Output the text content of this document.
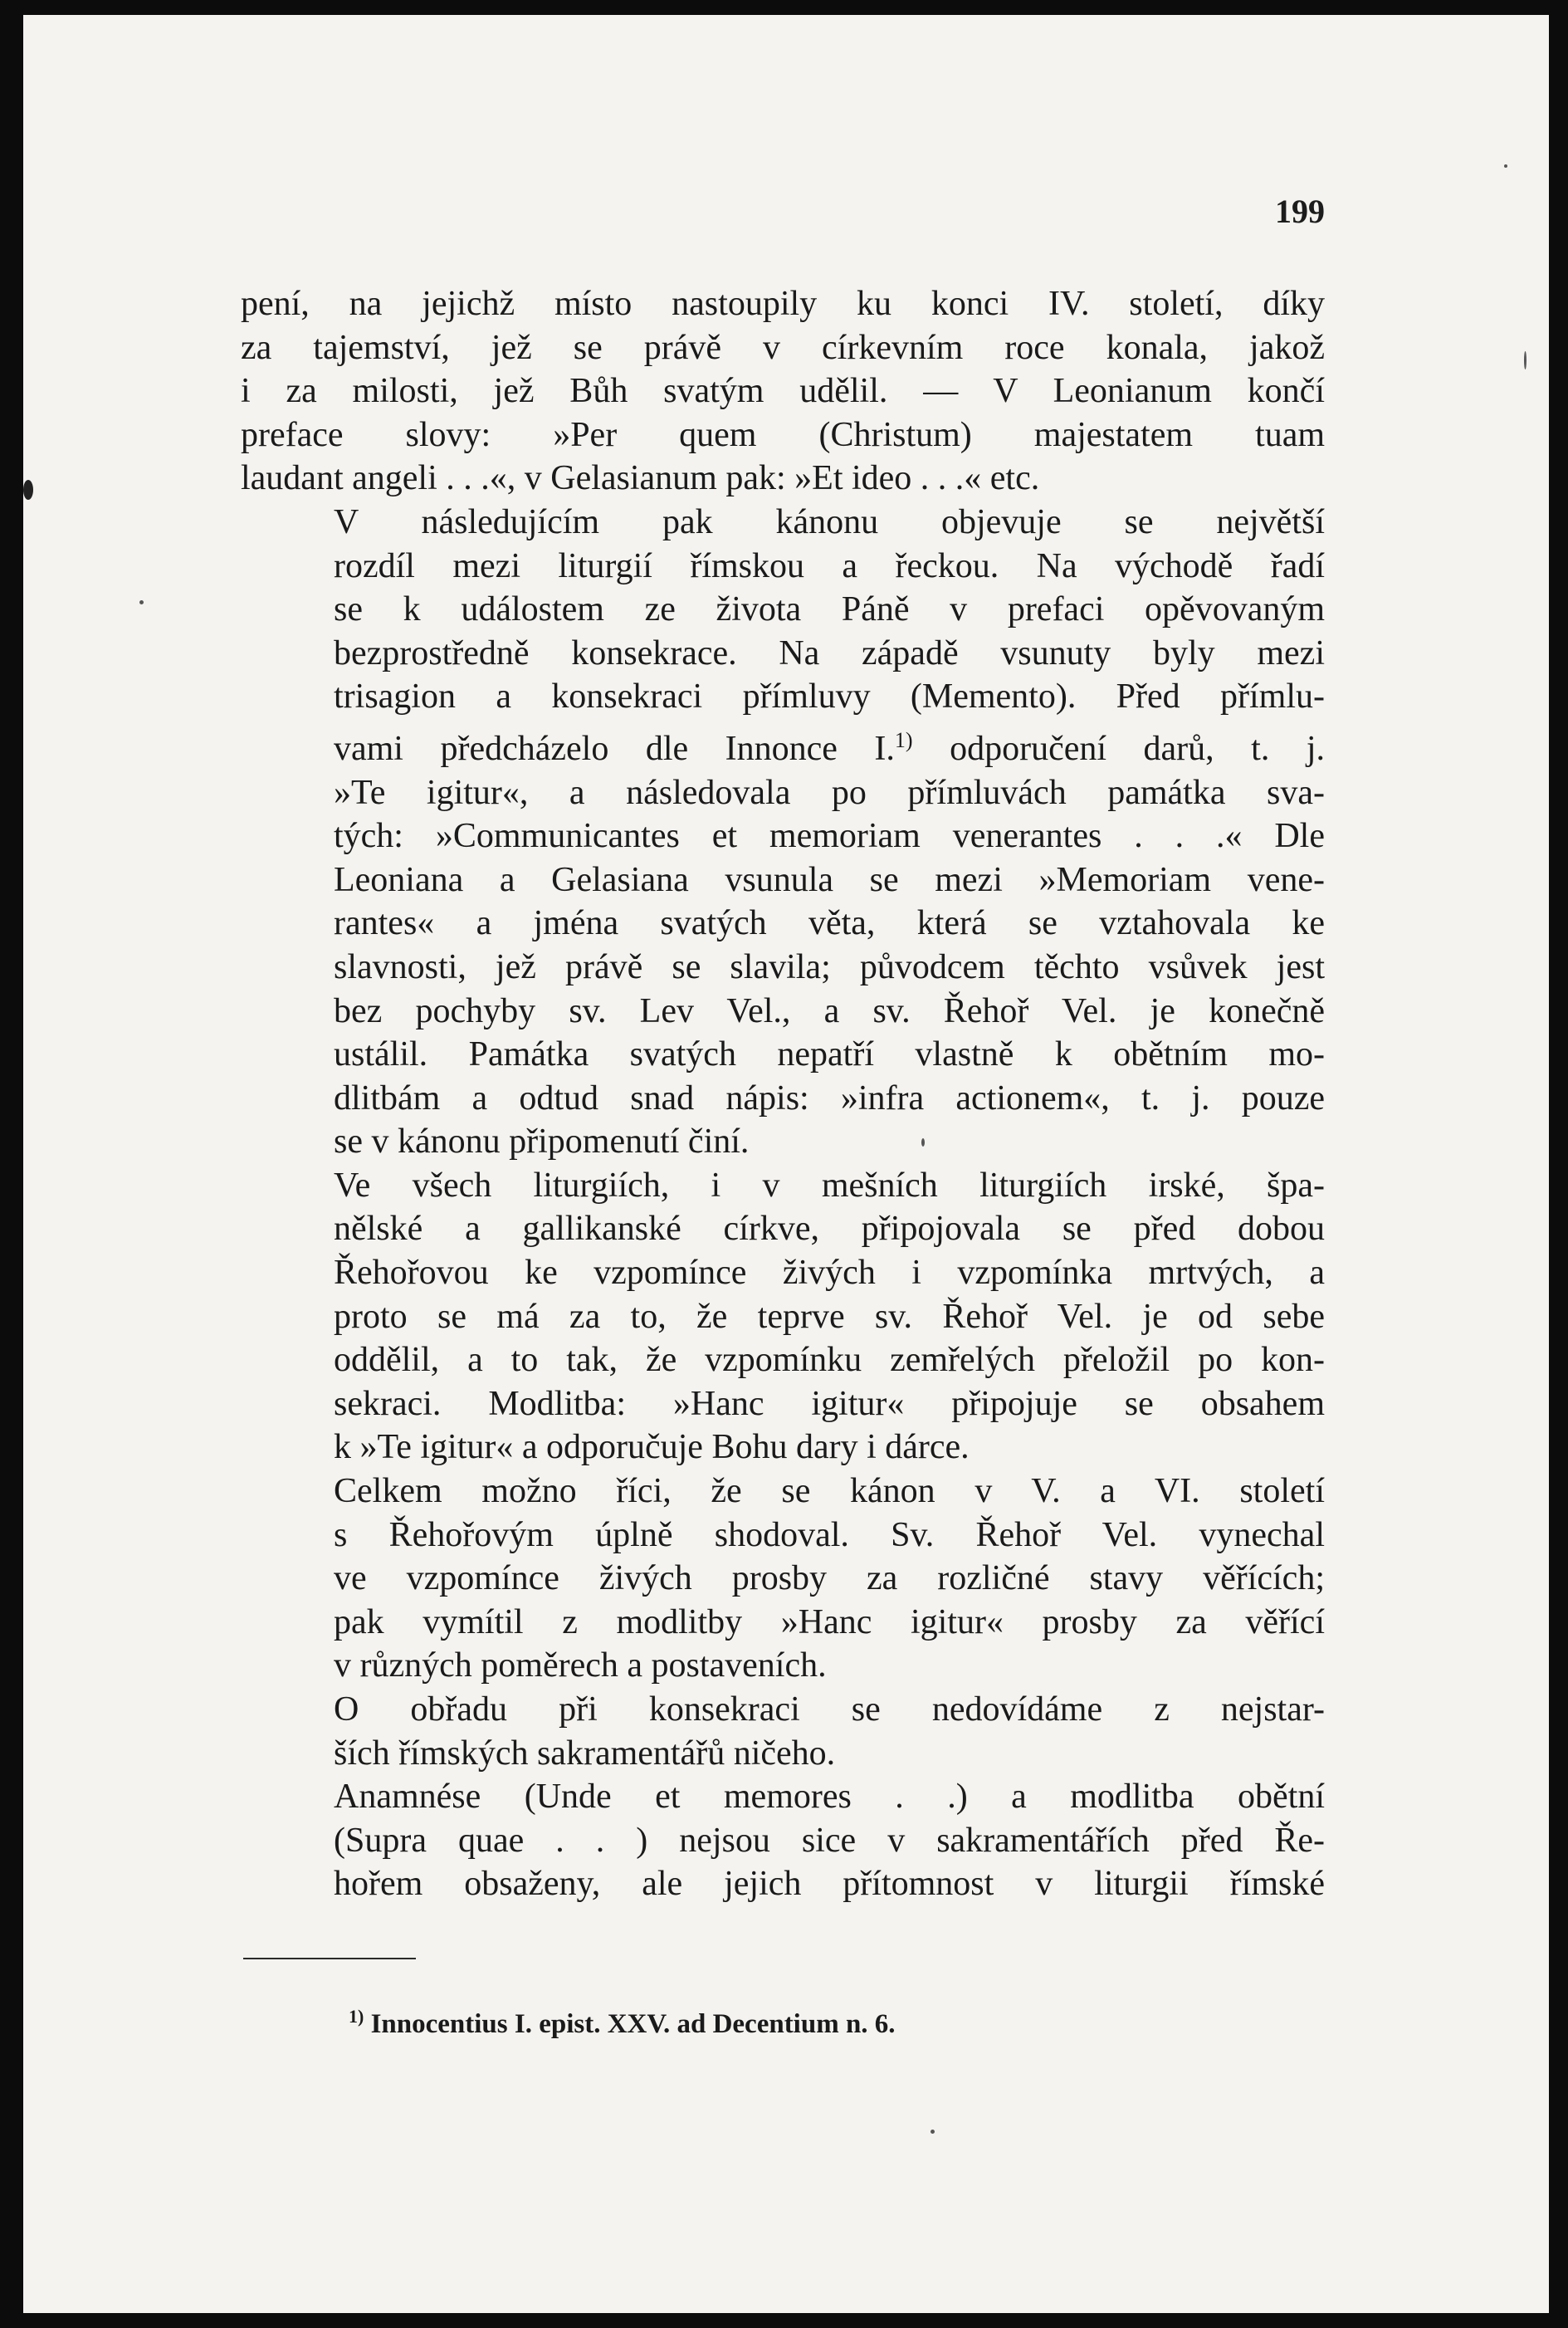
199

pení, na jejichž místo nastoupily ku konci IV. století, díky
za tajemství, jež se právě v církevním roce konala, jakož
i za milosti, jež Bůh svatým udělil. — V Leonianum končí
preface slovy: »Per quem (Christum) majestatem tuam
laudant angeli . . .«, v Gelasianum pak: »Et ideo . . .« etc.

V následujícím pak kánonu objevuje se největší
rozdíl mezi liturgií římskou a řeckou. Na východě řadí
se k událostem ze života Páně v prefaci opěvovaným
bezprostředně konsekrace. Na západě vsunuty byly mezi
trisagion a konsekraci přímluvy (Memento). Před přímlu-
vami předcházelo dle Innonce I.$^{1)}$ odporučení darů, t. j.
»Te igitur«, a následovala po přímluvách památka sva-
tých: »Communicantes et memoriam venerantes . . .« Dle
Leoniana a Gelasiana vsunula se mezi »Memoriam vene-
rantes« a jména svatých věta, která se vztahovala ke
slavnosti, jež právě se slavila; původcem těchto vsůvek jest
bez pochyby sv. Lev Vel., a sv. Řehoř Vel. je konečně
ustálil. Památka svatých nepatří vlastně k obětním mo-
dlitbám a odtud snad nápis: »infra actionem«, t. j. pouze
se v kánonu připomenutí činí.

Ve všech liturgiích, i v mešních liturgiích irské, špa-
nělské a gallikanské církve, připojovala se před dobou
Řehořovou ke vzpomínce živých i vzpomínka mrtvých, a
proto se má za to, že teprve sv. Řehoř Vel. je od sebe
oddělil, a to tak, že vzpomínku zemřelých přeložil po kon-
sekraci. Modlitba: »Hanc igitur« připojuje se obsahem
k »Te igitur« a odporučuje Bohu dary i dárce.

Celkem možno říci, že se kánon v V. a VI. století
s Řehořovým úplně shodoval. Sv. Řehoř Vel. vynechal
ve vzpomínce živých prosby za rozličné stavy věřících;
pak vymítil z modlitby »Hanc igitur« prosby za věřící
v různých poměrech a postaveních.

O obřadu při konsekraci se nedovídáme z nejstar-
ších římských sakramentářů ničeho.

Anamnése (Unde et memores . .) a modlitba obětní
(Supra quae . . ) nejsou sice v sakramentářích před Ře-
hořem obsaženy, ale jejich přítomnost v liturgii římské

$^{1)}$ Innocentius I. epist. XXV. ad Decentium n. 6.
